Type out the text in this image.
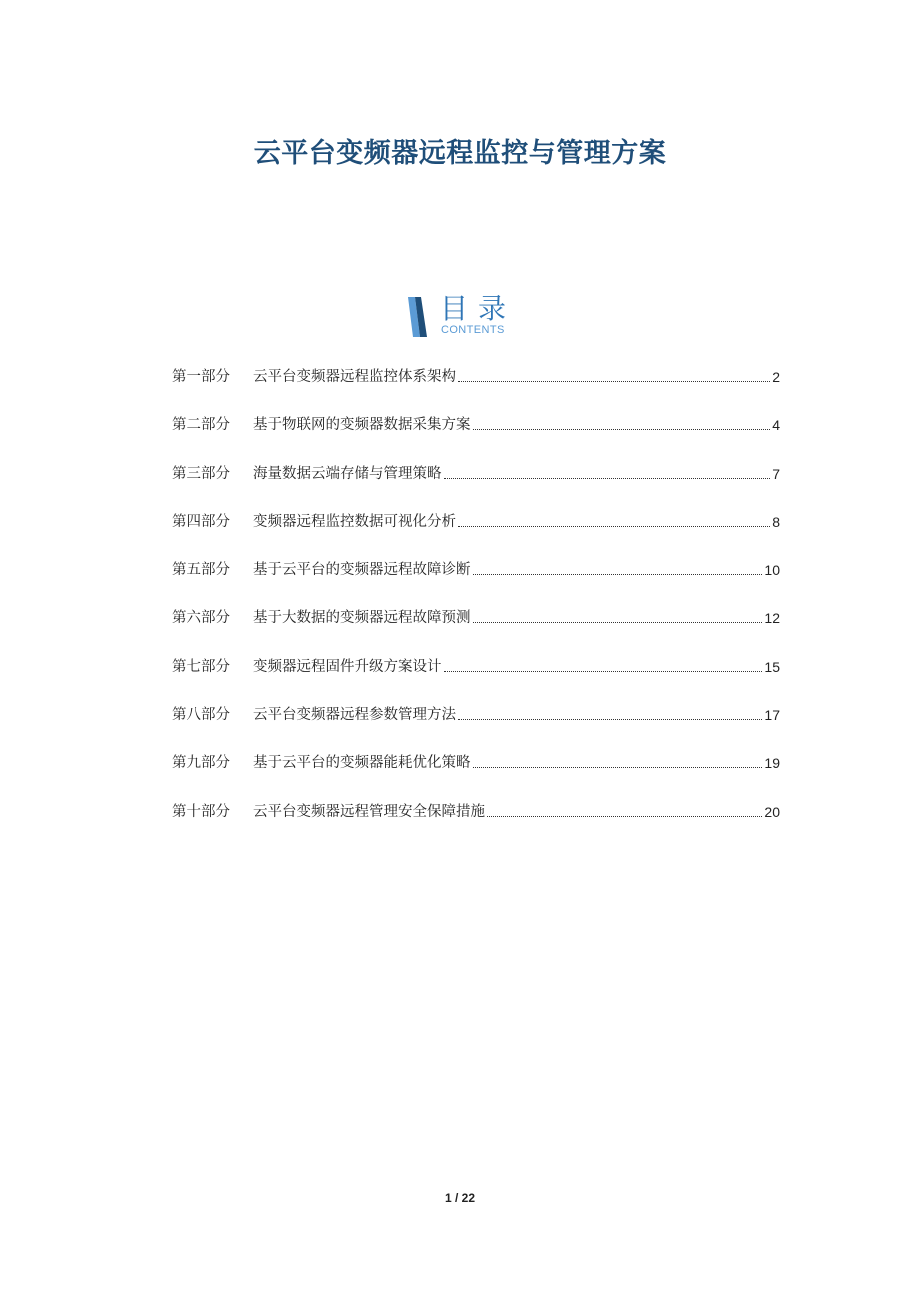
云平台变频器远程监控与管理方案
目录
CONTENTS
第一部分	云平台变频器远程监控体系架构	2
第二部分	基于物联网的变频器数据采集方案	4
第三部分	海量数据云端存储与管理策略	7
第四部分	变频器远程监控数据可视化分析	8
第五部分	基于云平台的变频器远程故障诊断	10
第六部分	基于大数据的变频器远程故障预测	12
第七部分	变频器远程固件升级方案设计	15
第八部分	云平台变频器远程参数管理方法	17
第九部分	基于云平台的变频器能耗优化策略	19
第十部分	云平台变频器远程管理安全保障措施	20
1 / 22
